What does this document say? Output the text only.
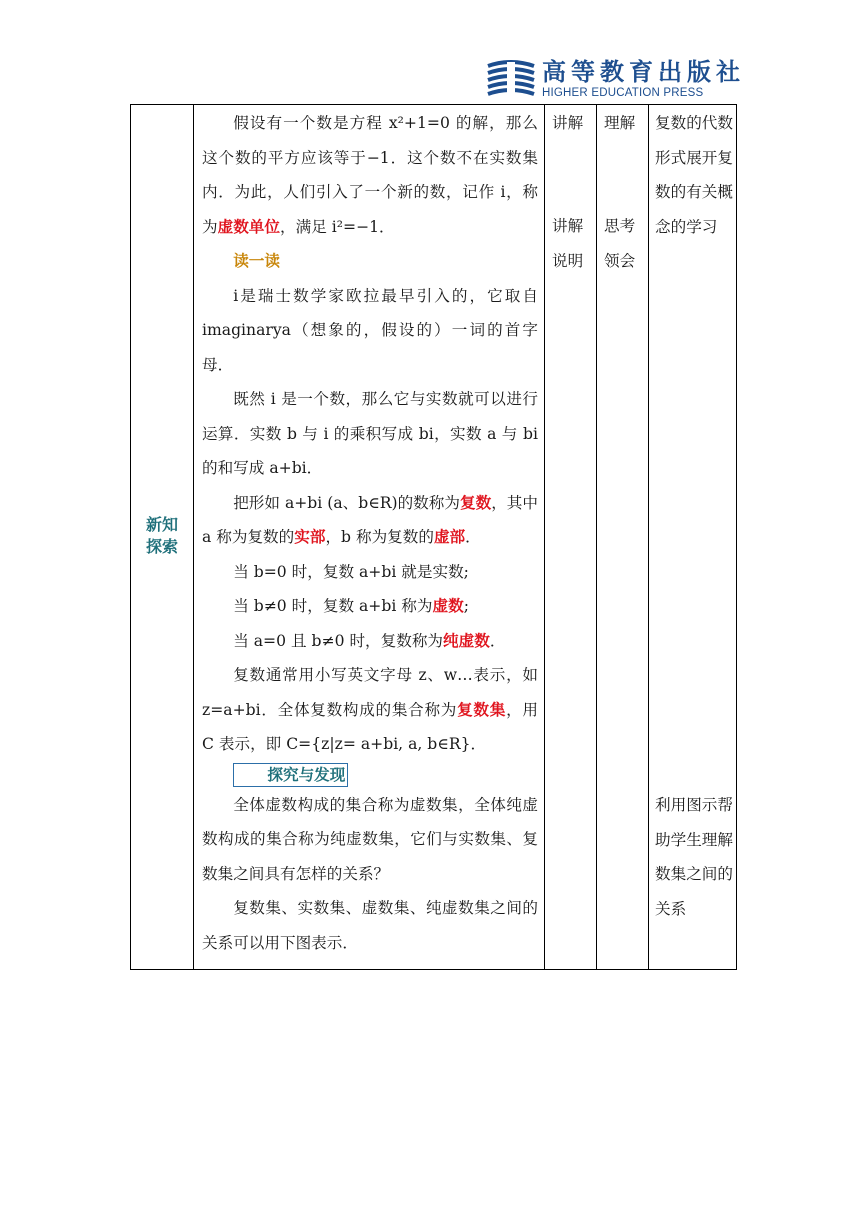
高等教育出版社
HIGHER EDUCATION PRESS
新知
探索

假设有一个数是方程 x²+1=0 的解，那么这个数的平方应该等于−1．这个数不在实数集内．为此，人们引入了一个新的数，记作 i，称为虚数单位，满足 i²=−1．

读一读

i是瑞士数学家欧拉最早引入的，它取自 imaginarya（想象的，假设的）一词的首字母．

既然 i 是一个数，那么它与实数就可以进行运算．实数 b 与 i 的乘积写成 bi，实数 a 与 bi 的和写成 a+bi．

把形如 a+bi (a、b∈R)的数称为复数，其中 a 称为复数的实部，b 称为复数的虚部．

当 b=0 时，复数 a+bi 就是实数;

当 b≠0 时，复数 a+bi 称为虚数;

当 a=0 且 b≠0 时，复数称为纯虚数．

复数通常用小写英文字母 z、w…表示，如 z=a+bi．全体复数构成的集合称为复数集，用 C 表示，即 C={z|z= a+bi, a, b∈R}．

探究与发现

全体虚数构成的集合称为虚数集，全体纯虚数构成的集合称为纯虚数集，它们与实数集、复数集之间具有怎样的关系？

复数集、实数集、虚数集、纯虚数集之间的关系可以用下图表示．

讲解
讲解
说明
理解
思考
领会
复数的代数形式展开复数的有关概念的学习
利用图示帮助学生理解数集之间的关系
